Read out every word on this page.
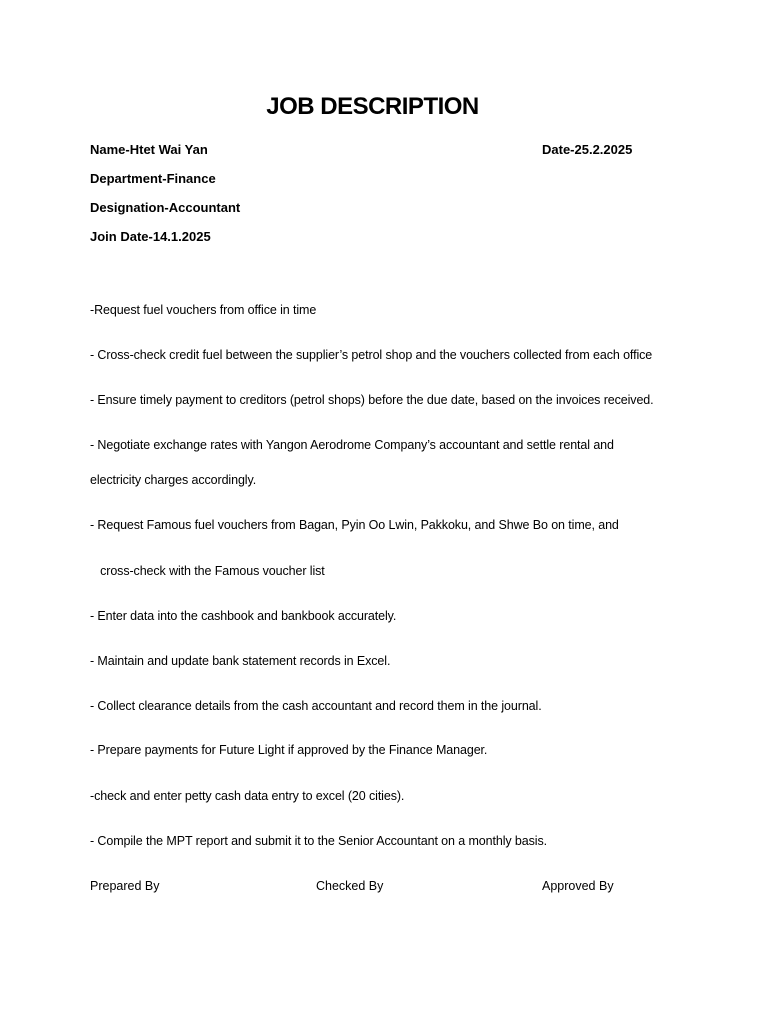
JOB DESCRIPTION
Name-Htet Wai Yan	Date-25.2.2025
Department-Finance
Designation-Accountant
Join Date-14.1.2025
-Request fuel vouchers from office in time
- Cross-check credit fuel between the supplier’s petrol shop and the vouchers collected from each office
- Ensure timely payment to creditors (petrol shops) before the due date, based on the invoices received.
- Negotiate exchange rates with Yangon Aerodrome Company’s accountant and settle rental and
electricity charges accordingly.
- Request Famous fuel vouchers from Bagan, Pyin Oo Lwin, Pakkoku, and Shwe Bo on time, and
cross-check with the Famous voucher list
- Enter data into the cashbook and bankbook accurately.
- Maintain and update bank statement records in Excel.
- Collect clearance details from the cash accountant and record them in the journal.
- Prepare payments for Future Light if approved by the Finance Manager.
-check and enter petty cash data entry to excel (20 cities).
- Compile the MPT report and submit it to the Senior Accountant on a monthly basis.
Prepared By	Checked By	Approved By
